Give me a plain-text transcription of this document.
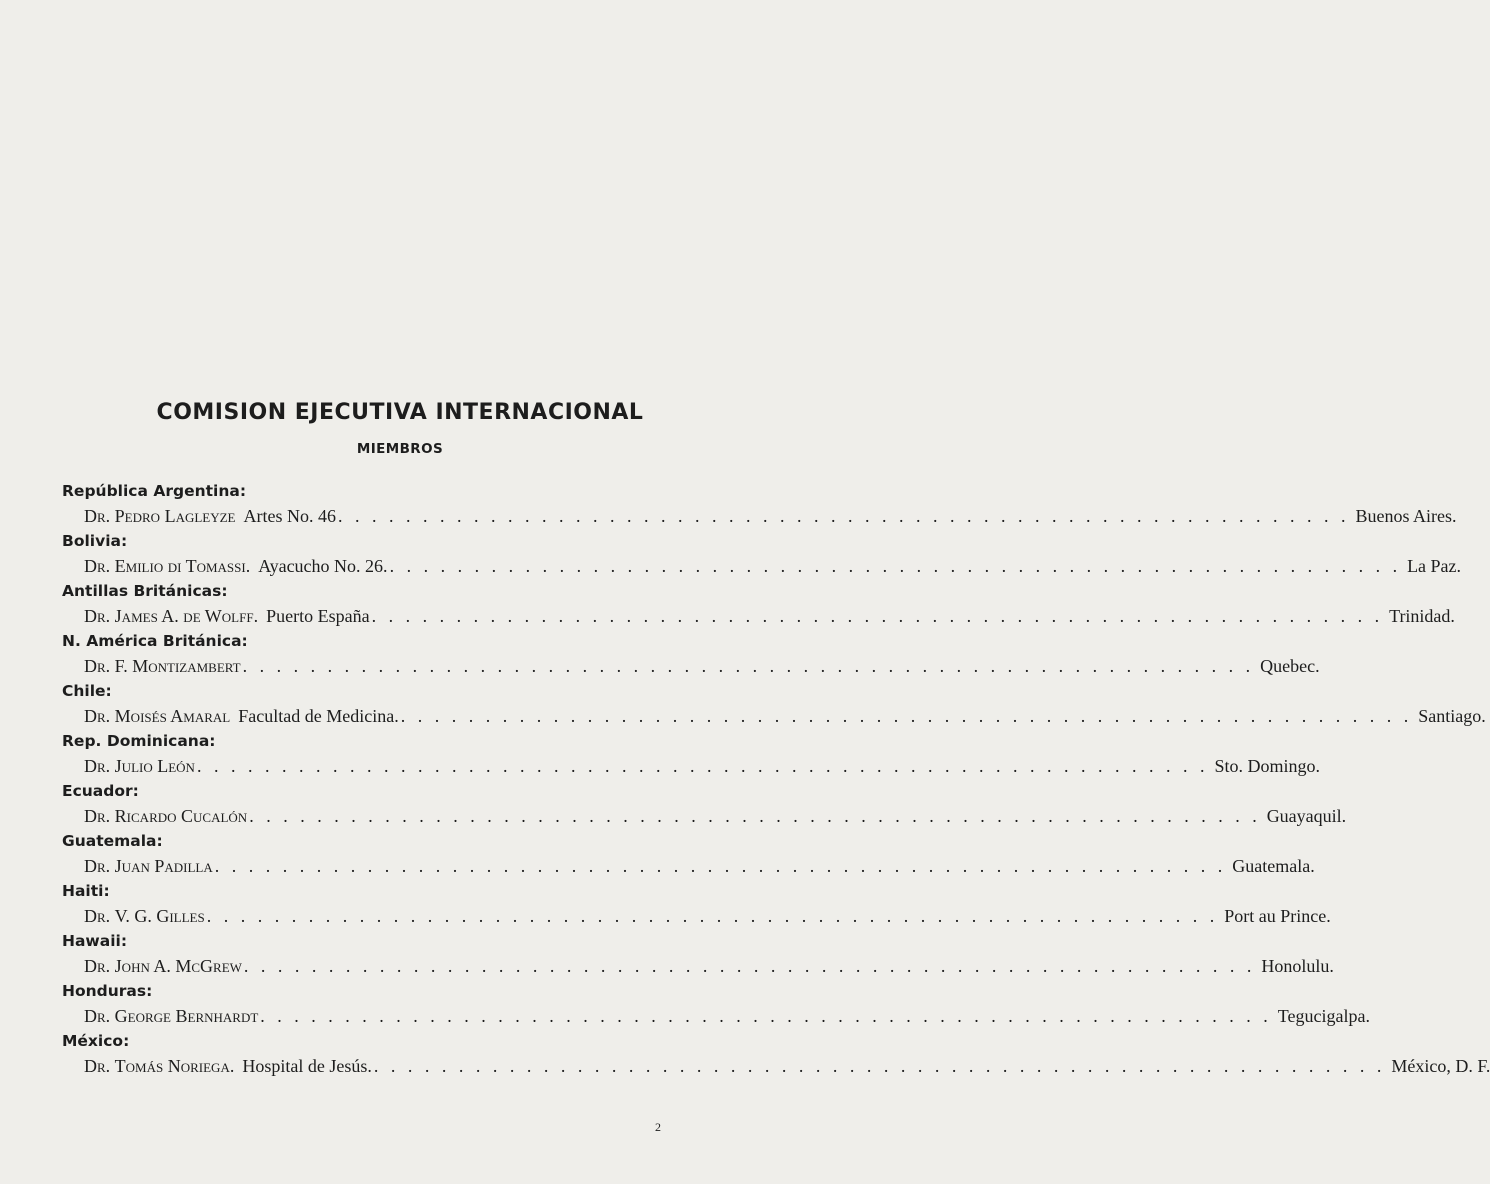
COMISION EJECUTIVA INTERNACIONAL
MIEMBROS
República Argentina:
Dr. Pedro Lagleyze Artes No. 46 . . . . . . . . . . . . . . . . . . . . . . . . . . . . . . . . . . . . . . . . . . . . . . . . . . . . . . . . . . . . Buenos Aires.
Bolivia:
Dr. Emilio di Tomassi. Ayacucho No. 26. . . . . . . . . . . . . . . . . . . . . . . . . . . . . . . . . . . . . . . . . . . . . . . . . . . . . . . . . . . . . La Paz.
Antillas Británicas:
Dr. James A. de Wolff. Puerto España . . . . . . . . . . . . . . . . . . . . . . . . . . . . . . . . . . . . . . . . . . . . . . . . . . . . . . . . . . . . Trinidad.
N. América Británica:
Dr. F. Montizambert . . . . . . . . . . . . . . . . . . . . . . . . . . . . . . . . . . . . . . . . . . . . . . . . . . . . . . . . . . . . Quebec.
Chile:
Dr. Moisés Amaral Facultad de Medicina. . . . . . . . . . . . . . . . . . . . . . . . . . . . . . . . . . . . . . . . . . . . . . . . . . . . . . . . . . . . . Santiago.
Rep. Dominicana:
Dr. Julio León . . . . . . . . . . . . . . . . . . . . . . . . . . . . . . . . . . . . . . . . . . . . . . . . . . . . . . . . . . . . Sto. Domingo.
Ecuador:
Dr. Ricardo Cucalón . . . . . . . . . . . . . . . . . . . . . . . . . . . . . . . . . . . . . . . . . . . . . . . . . . . . . . . . . . . . Guayaquil.
Guatemala:
Dr. Juan Padilla . . . . . . . . . . . . . . . . . . . . . . . . . . . . . . . . . . . . . . . . . . . . . . . . . . . . . . . . . . . . Guatemala.
Haiti:
Dr. V. G. Gilles . . . . . . . . . . . . . . . . . . . . . . . . . . . . . . . . . . . . . . . . . . . . . . . . . . . . . . . . . . . . Port au Prince.
Hawaii:
Dr. John A. McGrew . . . . . . . . . . . . . . . . . . . . . . . . . . . . . . . . . . . . . . . . . . . . . . . . . . . . . . . . . . . . Honolulu.
Honduras:
Dr. George Bernhardt . . . . . . . . . . . . . . . . . . . . . . . . . . . . . . . . . . . . . . . . . . . . . . . . . . . . . . . . . . . . Tegucigalpa.
México:
Dr. Tomás Noriega. Hospital de Jesús. . . . . . . . . . . . . . . . . . . . . . . . . . . . . . . . . . . . . . . . . . . . . . . . . . . . . . . . . . . . . México, D. F.
2
